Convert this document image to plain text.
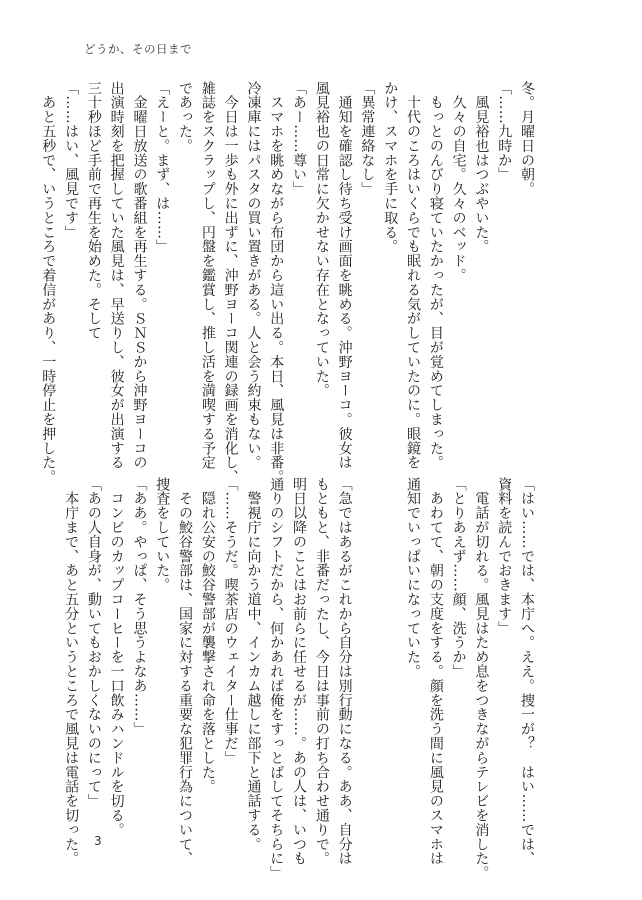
どうか、その日まで
冬。月曜日の朝。
「……九時か」
　風見裕也はつぶやいた。
　久々の自宅。久々のベッド。
　もっとのんびり寝ていたかったが、目が覚めてしまった。
　十代のころはいくらでも眠れる気がしていたのに。眼鏡を
かけ、スマホを手に取る。
「異常連絡なし」
　通知を確認し待ち受け画面を眺める。沖野ヨーコ。彼女は
風見裕也の日常に欠かせない存在となっていた。
「あー……尊い」
　スマホを眺めながら布団から這い出る。本日、風見は非番。
冷凍庫にはパスタの買い置きがある。人と会う約束もない。
　今日は一歩も外に出ずに、沖野ヨーコ関連の録画を消化し、
雑誌をスクラップし、円盤を鑑賞し、推し活を満喫する予定
であった。
「えーと。まず、は……」
　金曜日放送の歌番組を再生する。ＳＮＳから沖野ヨーコの
出演時刻を把握していた風見は、早送りし、彼女が出演する
三十秒ほど手前で再生を始めた。そして
「……はい、風見です」
　あと五秒で、いうところで着信があり、一時停止を押した。
「はい……では、本庁へ。ええ。捜一が？　はい……では、
資料を読んでおきます」
　電話が切れる。風見はため息をつきながらテレビを消した。
「とりあえず……顔、洗うか」
　あわてて、朝の支度をする。顔を洗う間に風見のスマホは
通知でいっぱいになっていた。
「急ではあるがこれから自分は別行動になる。ああ、自分は
もともと、非番だったし、今日は事前の打ち合わせ通りで。
明日以降のことはお前らに任せるが……。あの人は、いつも
通りのシフトだから、何かあれば俺をすっとばしてそちらに」
　警視庁に向かう道中、インカム越しに部下と通話する。
「……そうだ。喫茶店のウェイター仕事だ」
　隠れ公安の鮫谷警部が襲撃され命を落とした。
　その鮫谷警部は、国家に対する重要な犯罪行為について、
捜査をしていた。
「ああ。やっぱ、そう思うよなあ……」
　コンビのカップコーヒーを一口飲みハンドルを切る。
「あの人自身が、動いてもおかしくないのにって」
　本庁まで、あと五分というところで風見は電話を切った。 3
